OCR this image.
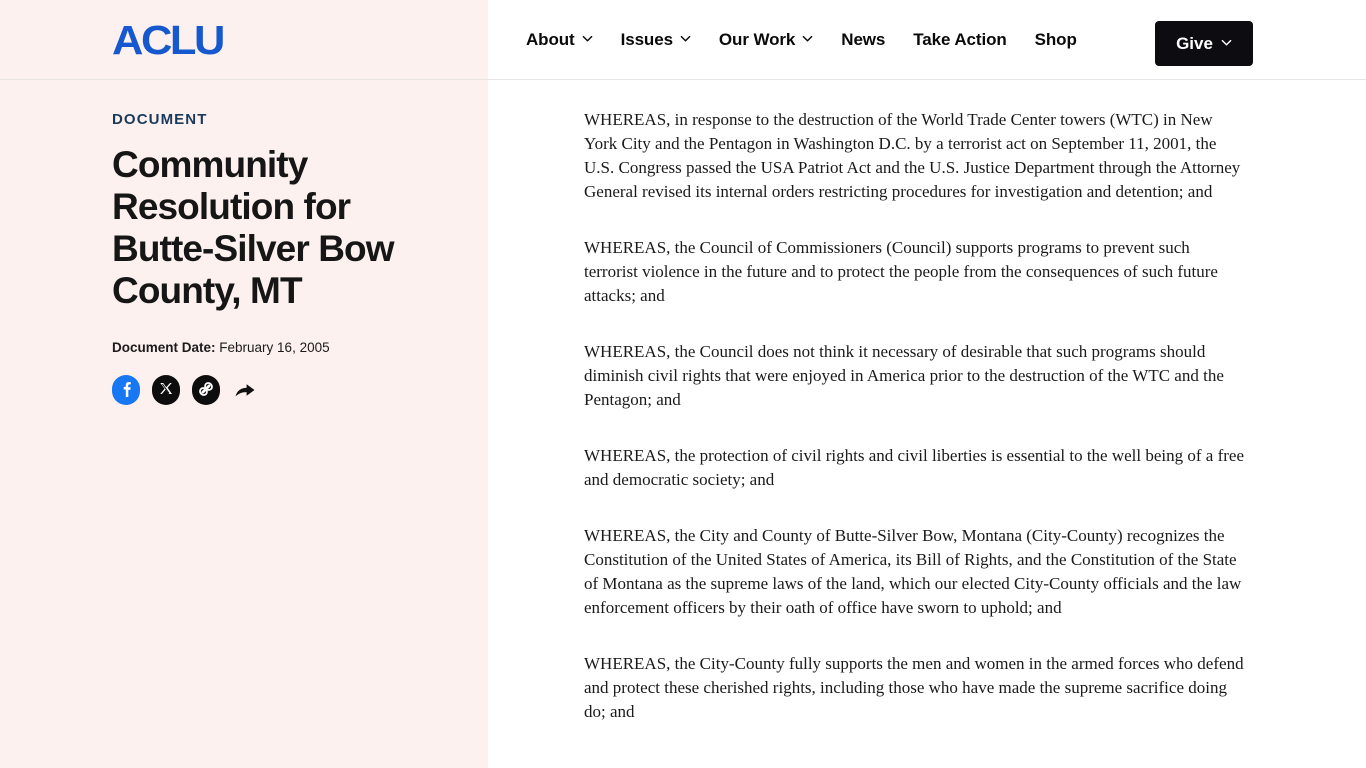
ACLU	About	Issues	Our Work	News Take Action Shop	Give
DOCUMENT
Community Resolution for Butte-Silver Bow County, MT
Document Date: February 16, 2005

WHEREAS, in response to the destruction of the World Trade Center towers (WTC) in New York City and the Pentagon in Washington D.C. by a terrorist act on September 11, 2001, the U.S. Congress passed the USA Patriot Act and the U.S. Justice Department through the Attorney General revised its internal orders restricting procedures for investigation and detention; and

WHEREAS, the Council of Commissioners (Council) supports programs to prevent such terrorist violence in the future and to protect the people from the consequences of such future attacks; and

WHEREAS, the Council does not think it necessary of desirable that such programs should diminish civil rights that were enjoyed in America prior to the destruction of the WTC and the Pentagon; and

WHEREAS, the protection of civil rights and civil liberties is essential to the well being of a free and democratic society; and

WHEREAS, the City and County of Butte-Silver Bow, Montana (City-County) recognizes the Constitution of the United States of America, its Bill of Rights, and the Constitution of the State of Montana as the supreme laws of the land, which our elected City-County officials and the law enforcement officers by their oath of office have sworn to uphold; and

WHEREAS, the City-County fully supports the men and women in the armed forces who defend and protect these cherished rights, including those who have made the supreme sacrifice doing do; and
